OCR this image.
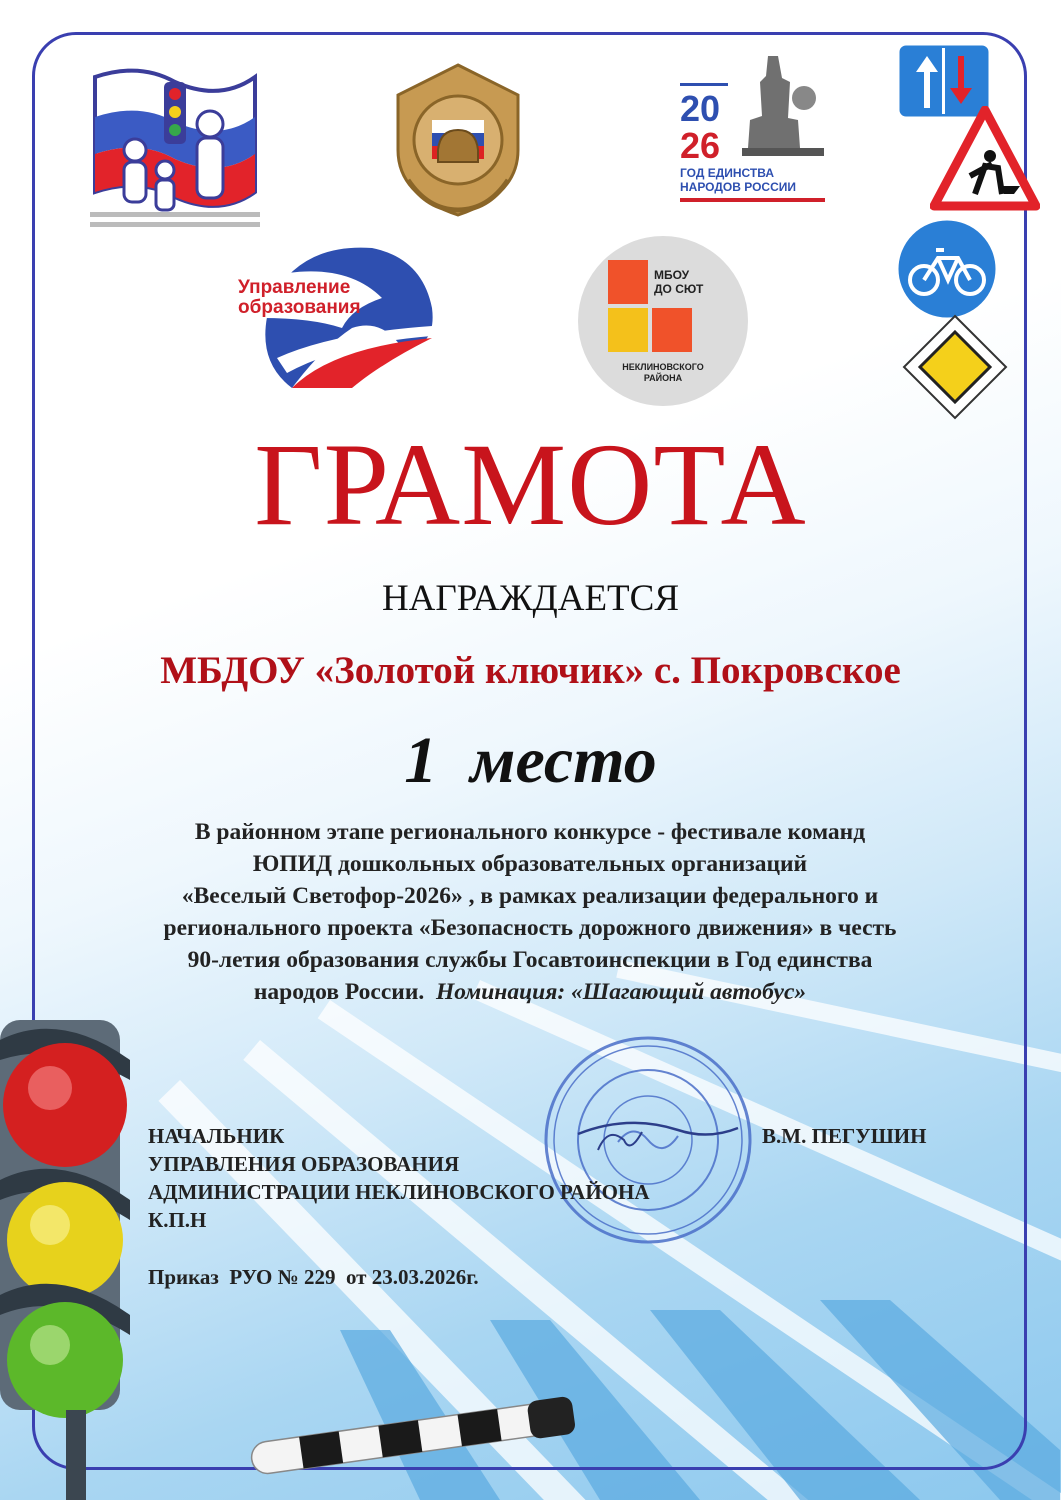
20
26
ГОД ЕДИНСТВА
НАРОДОВ РОССИИ
Управление
образования
МБОУ
ДО СЮТ
НЕКЛИНОВСКОГО
РАЙОНА
ГРАМОТА
НАГРАЖДАЕТСЯ
МБДОУ «Золотой ключик» с. Покровское
1  место
В районном этапе регионального конкурсе - фестивале команд
ЮПИД дошкольных образовательных организаций
«Веселый Светофор-2026» , в рамках реализации федерального и
регионального проекта «Безопасность дорожного движения» в честь
90-летия образования службы Госавтоинспекции в Год единства
народов России.  Номинация: «Шагающий автобус»
НАЧАЛЬНИК
УПРАВЛЕНИЯ ОБРАЗОВАНИЯ
АДМИНИСТРАЦИИ НЕКЛИНОВСКОГО РАЙОНА
К.П.Н
В.М. ПЕГУШИН
Приказ  РУО № 229  от 23.03.2026г.
